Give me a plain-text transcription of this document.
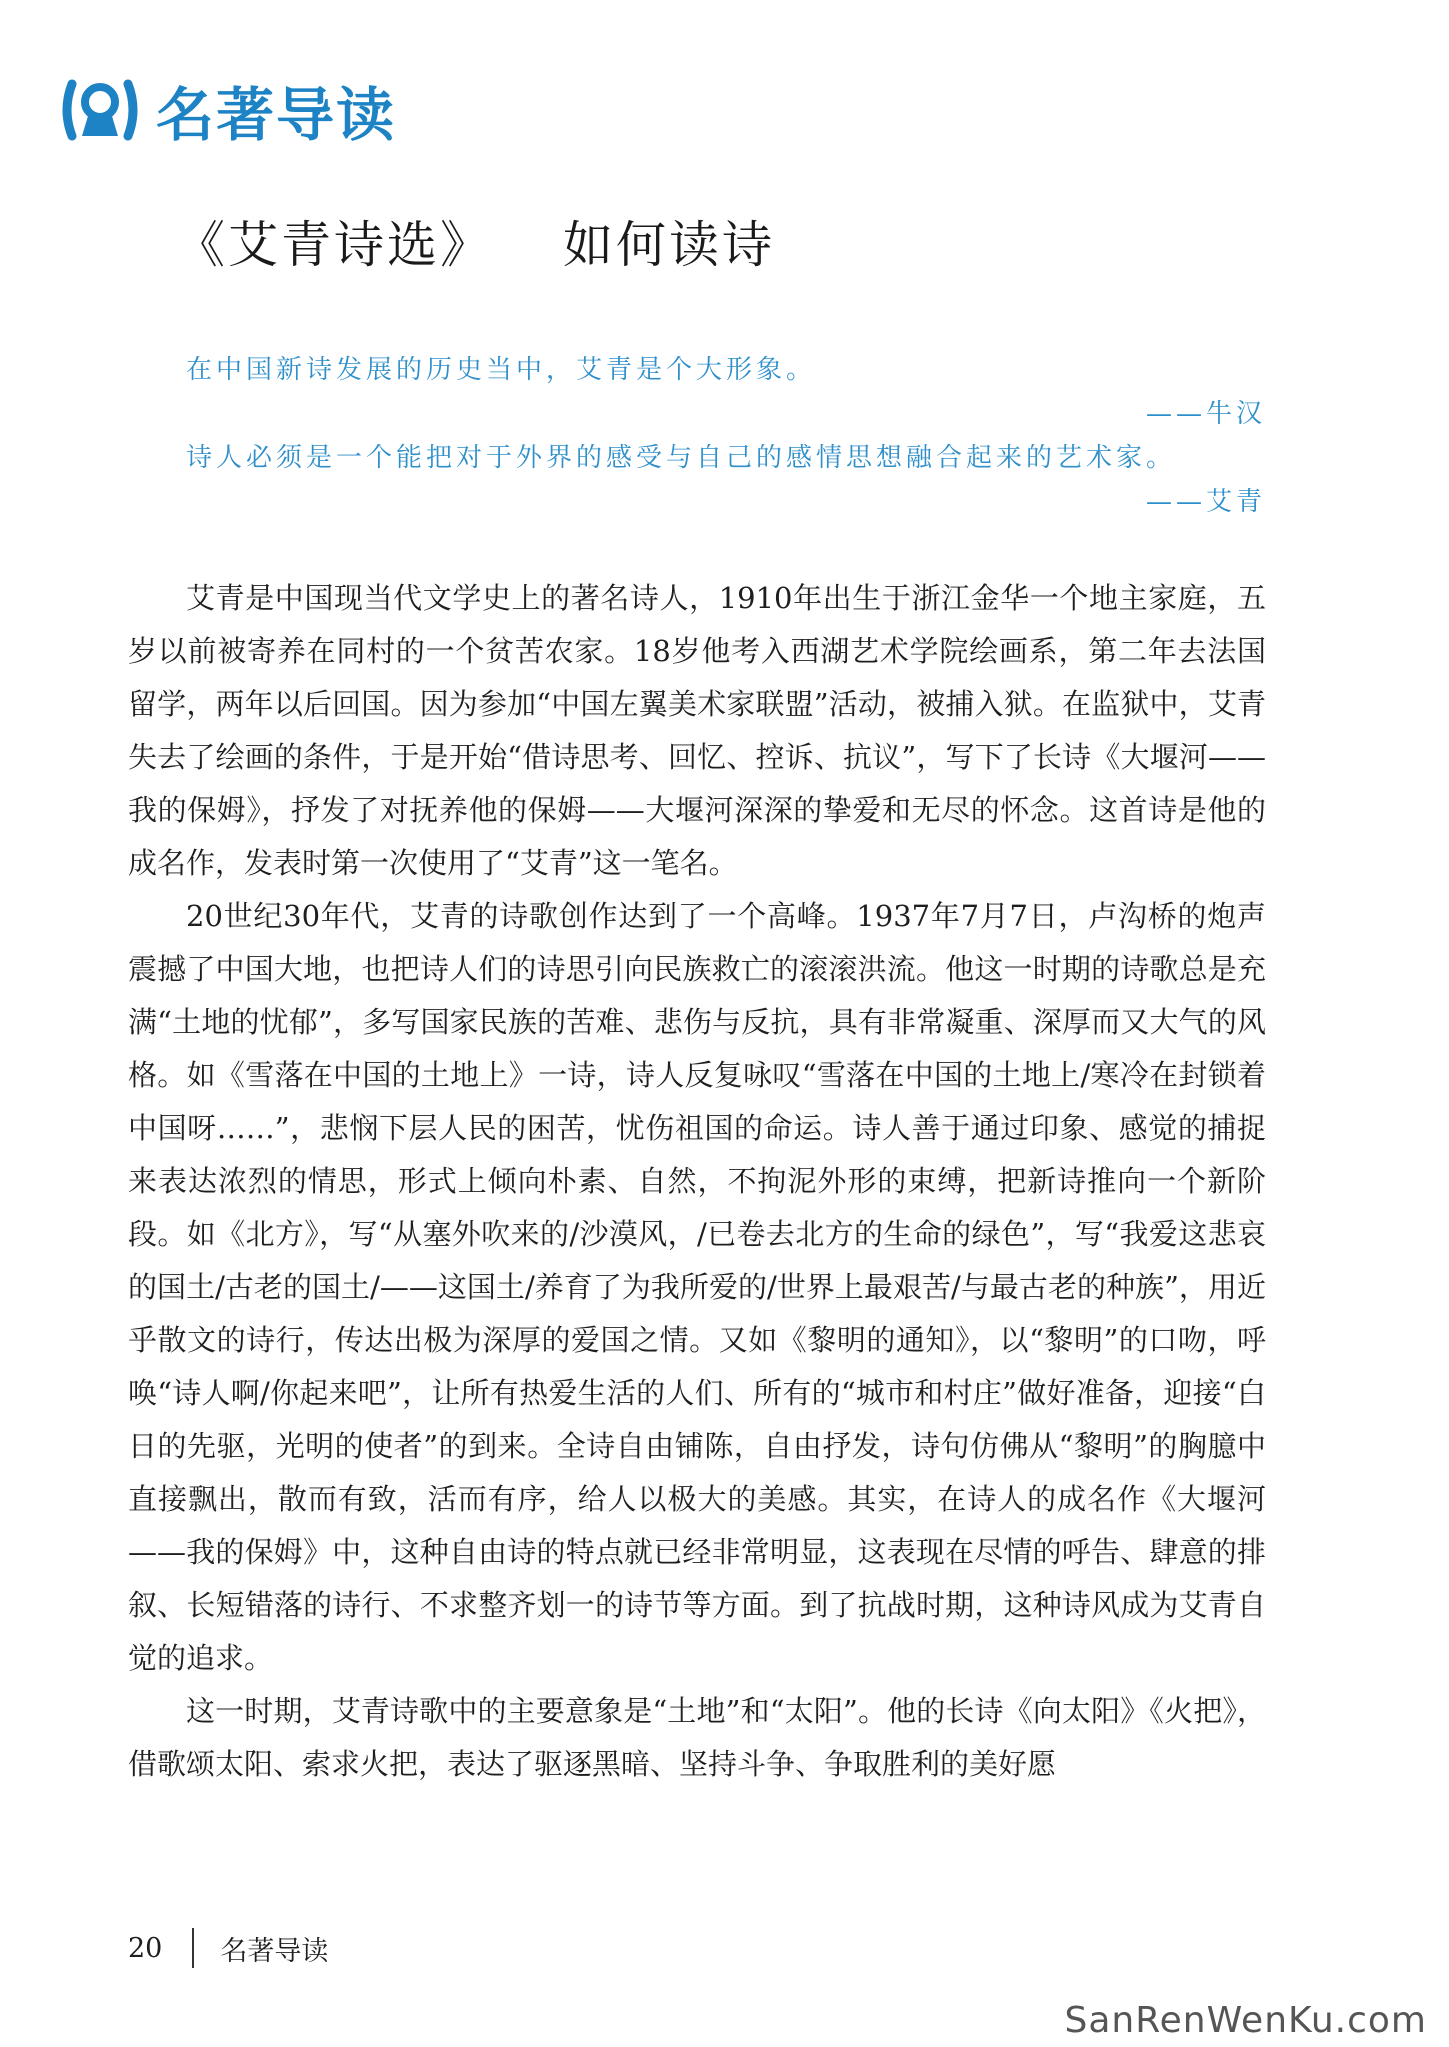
名著导读
《艾青诗选》 如何读诗
在中国新诗发展的历史当中，艾青是个大形象。
——牛汉
诗人必须是一个能把对于外界的感受与自己的感情思想融合起来的艺术家。
——艾青

艾青是中国现当代文学史上的著名诗人，1910年出生于浙江金华一个地主家庭，五岁以前被寄养在同村的一个贫苦农家。18岁他考入西湖艺术学院绘画系，第二年去法国留学，两年以后回国。因为参加“中国左翼美术家联盟”活动，被捕入狱。在监狱中，艾青失去了绘画的条件，于是开始“借诗思考、回忆、控诉、抗议”，写下了长诗《大堰河——我的保姆》，抒发了对抚养他的保姆——大堰河深深的挚爱和无尽的怀念。这首诗是他的成名作，发表时第一次使用了“艾青”这一笔名。

20世纪30年代，艾青的诗歌创作达到了一个高峰。1937年7月7日，卢沟桥的炮声震撼了中国大地，也把诗人们的诗思引向民族救亡的滚滚洪流。他这一时期的诗歌总是充满“土地的忧郁”，多写国家民族的苦难、悲伤与反抗，具有非常凝重、深厚而又大气的风格。如《雪落在中国的土地上》一诗，诗人反复咏叹“雪落在中国的土地上/寒冷在封锁着中国呀……”，悲悯下层人民的困苦，忧伤祖国的命运。诗人善于通过印象、感觉的捕捉来表达浓烈的情思，形式上倾向朴素、自然，不拘泥外形的束缚，把新诗推向一个新阶段。如《北方》，写“从塞外吹来的/沙漠风，/已卷去北方的生命的绿色”，写“我爱这悲哀的国土/古老的国土/——这国土/养育了为我所爱的/世界上最艰苦/与最古老的种族”，用近乎散文的诗行，传达出极为深厚的爱国之情。又如《黎明的通知》，以“黎明”的口吻，呼唤“诗人啊/你起来吧”，让所有热爱生活的人们、所有的“城市和村庄”做好准备，迎接“白日的先驱，光明的使者”的到来。全诗自由铺陈，自由抒发，诗句仿佛从“黎明”的胸臆中直接飘出，散而有致，活而有序，给人以极大的美感。其实，在诗人的成名作《大堰河——我的保姆》中，这种自由诗的特点就已经非常明显，这表现在尽情的呼告、肆意的排叙、长短错落的诗行、不求整齐划一的诗节等方面。到了抗战时期，这种诗风成为艾青自觉的追求。

这一时期，艾青诗歌中的主要意象是“土地”和“太阳”。他的长诗《向太阳》《火把》，借歌颂太阳、索求火把，表达了驱逐黑暗、坚持斗争、争取胜利的美好愿

20 名著导读
SanRenWenKu.com
